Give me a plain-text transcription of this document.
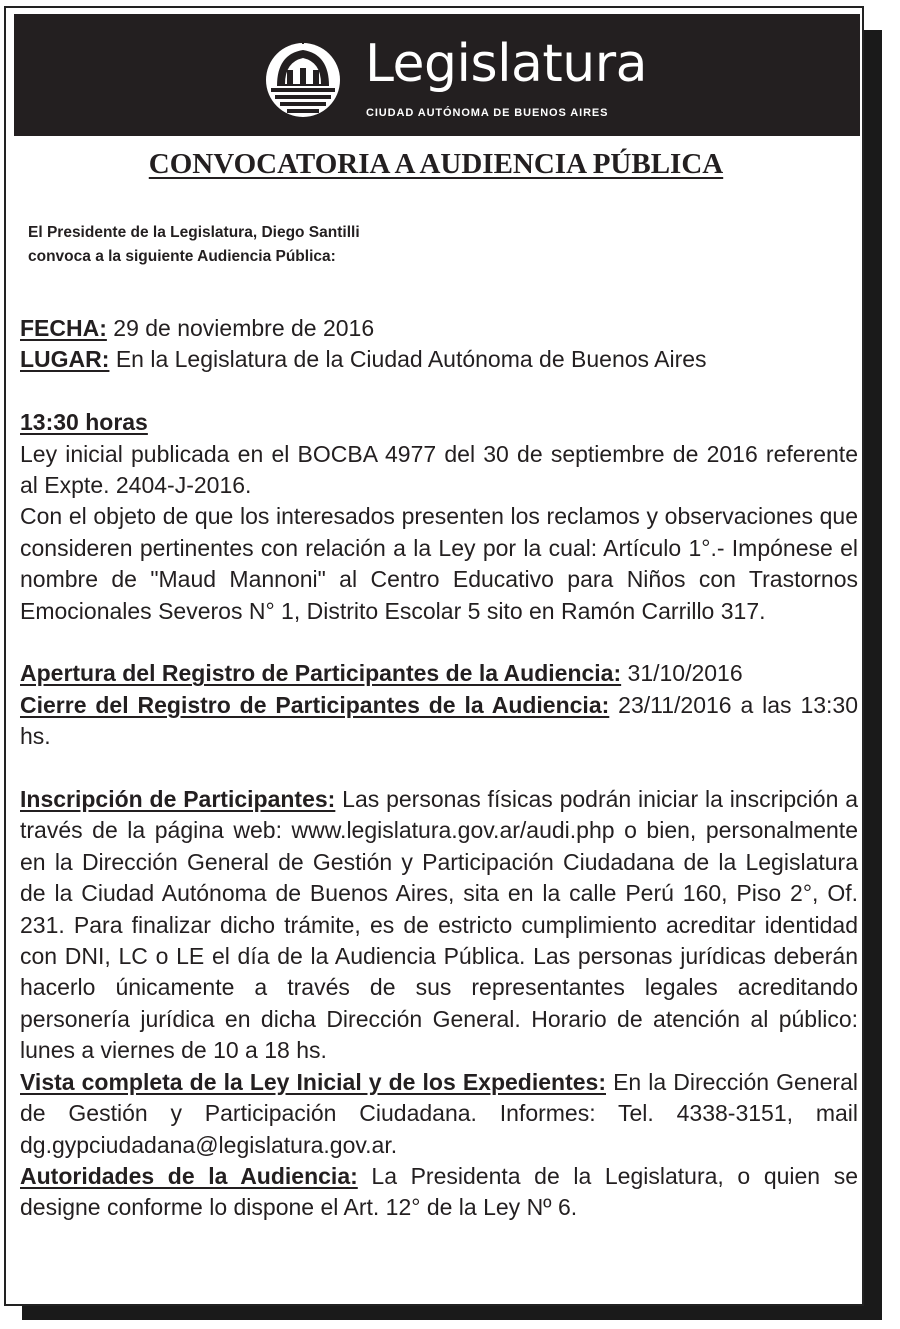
Legislatura
CIUDAD AUTÓNOMA DE BUENOS AIRES
CONVOCATORIA A AUDIENCIA PÚBLICA
El Presidente de la Legislatura, Diego Santilli
convoca a la siguiente Audiencia Pública:

FECHA: 29 de noviembre de 2016

LUGAR: En la Legislatura de la Ciudad Autónoma de Buenos Aires

13:30 horas

Ley inicial publicada en el BOCBA 4977 del 30 de septiembre de 2016 referente al Expte. 2404-J-2016.

Con el objeto de que los interesados presenten los reclamos y observaciones que consideren pertinentes con relación a la Ley por la cual: Artículo 1°.- Impónese el nombre de "Maud Mannoni" al Centro Educativo para Niños con Trastornos Emocionales Severos N° 1, Distrito Escolar 5 sito en Ramón Carrillo 317.

Apertura del Registro de Participantes de la Audiencia: 31/10/2016

Cierre del Registro de Participantes de la Audiencia: 23/11/2016 a las 13:30 hs.

Inscripción de Participantes: Las personas físicas podrán iniciar la inscripción a través de la página web: www.legislatura.gov.ar/audi.php o bien, personalmente en la Dirección General de Gestión y Participación Ciudadana de la Legislatura de la Ciudad Autónoma de Buenos Aires, sita en la calle Perú 160, Piso 2°, Of. 231. Para finalizar dicho trámite, es de estricto cumplimiento acreditar identidad con DNI, LC o LE el día de la Audiencia Pública. Las personas jurídicas deberán hacerlo únicamente a través de sus representantes legales acreditando personería jurídica en dicha Dirección General. Horario de atención al público: lunes a viernes de 10 a 18 hs.

Vista completa de la Ley Inicial y de los Expedientes: En la Dirección General de Gestión y Participación Ciudadana. Informes: Tel. 4338-3151, mail dg.gypciudadana@legislatura.gov.ar.

Autoridades de la Audiencia: La Presidenta de la Legislatura, o quien se designe conforme lo dispone el Art. 12° de la Ley Nº 6.
